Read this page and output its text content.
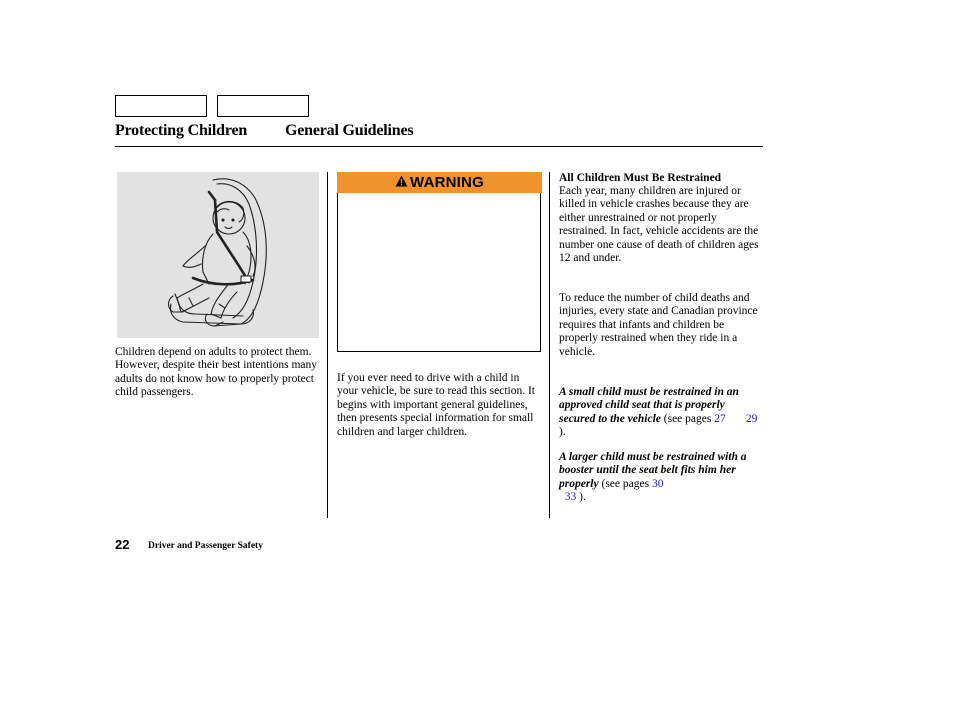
Protecting Children General Guidelines
Children depend on adults to protect them. However, despite their best intentions many adults do not know how to properly protect child passengers.
WARNING
If you ever need to drive with a child in your vehicle, be sure to read this section. It begins with important general guidelines, then presents special information for small children and larger children.
All Children Must Be Restrained
Each year, many children are injured or killed in vehicle crashes because they are either unrestrained or not properly restrained. In fact, vehicle accidents are the number one cause of death of children ages 12 and under.
To reduce the number of child deaths and injuries, every state and Canadian province requires that infants and children be properly restrained when they ride in a vehicle.
A small child must be restrained in an approved child seat that is properly secured to the vehicle (see pages 27 29 ).
A larger child must be restrained with a booster until the seat belt fits him her properly (see pages 30
33 ).
22 Driver and Passenger Safety
